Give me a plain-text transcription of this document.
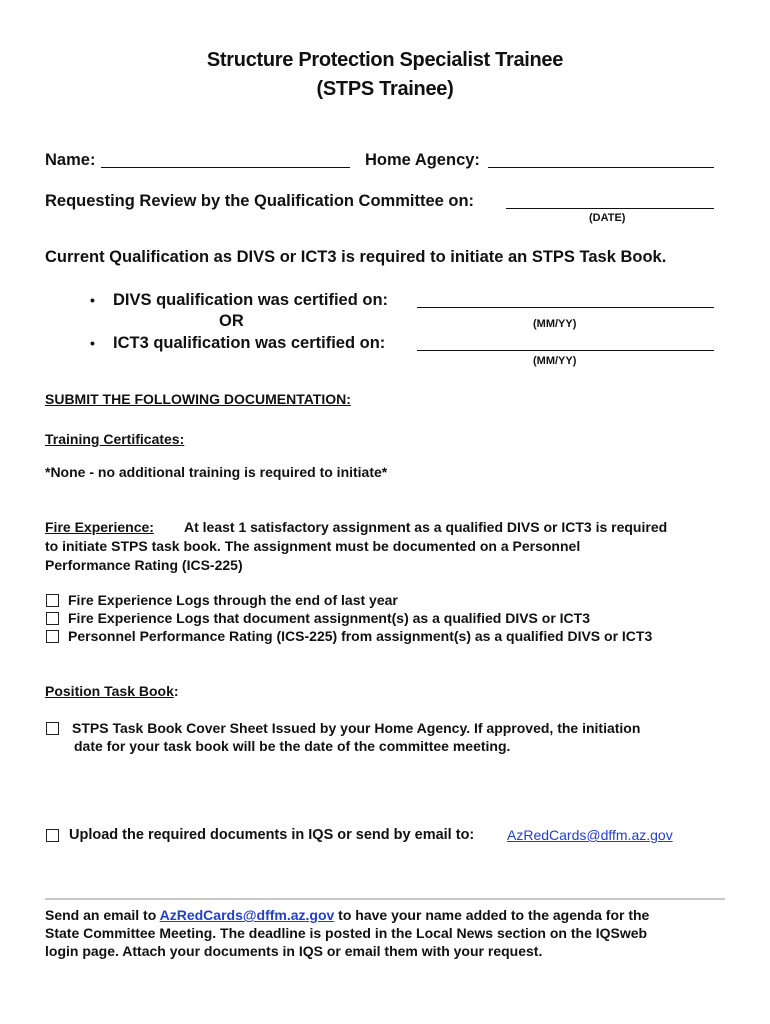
Structure Protection Specialist Trainee
(STPS Trainee)
Name:	Home Agency:
Requesting Review by the Qualification Committee on:
(DATE)
Current Qualification as DIVS or ICT3 is required to initiate an STPS Task Book.
• DIVS qualification was certified on:
OR	(MM/YY)
• ICT3 qualification was certified on:
(MM/YY)
SUBMIT THE FOLLOWING DOCUMENTATION:
Training Certificates:
*None - no additional training is required to initiate*
Fire Experience: At least 1 satisfactory assignment as a qualified DIVS or ICT3 is required
to initiate STPS task book. The assignment must be documented on a Personnel
Performance Rating (ICS-225)
Fire Experience Logs through the end of last year
Fire Experience Logs that document assignment(s) as a qualified DIVS or ICT3
Personnel Performance Rating (ICS-225) from assignment(s) as a qualified DIVS or ICT3
Position Task Book:
STPS Task Book Cover Sheet Issued by your Home Agency. If approved, the initiation
date for your task book will be the date of the committee meeting.
Upload the required documents in IQS or send by email to: AzRedCards@dffm.az.gov
Send an email to AzRedCards@dffm.az.gov to have your name added to the agenda for the
State Committee Meeting. The deadline is posted in the Local News section on the IQSweb
login page. Attach your documents in IQS or email them with your request.
